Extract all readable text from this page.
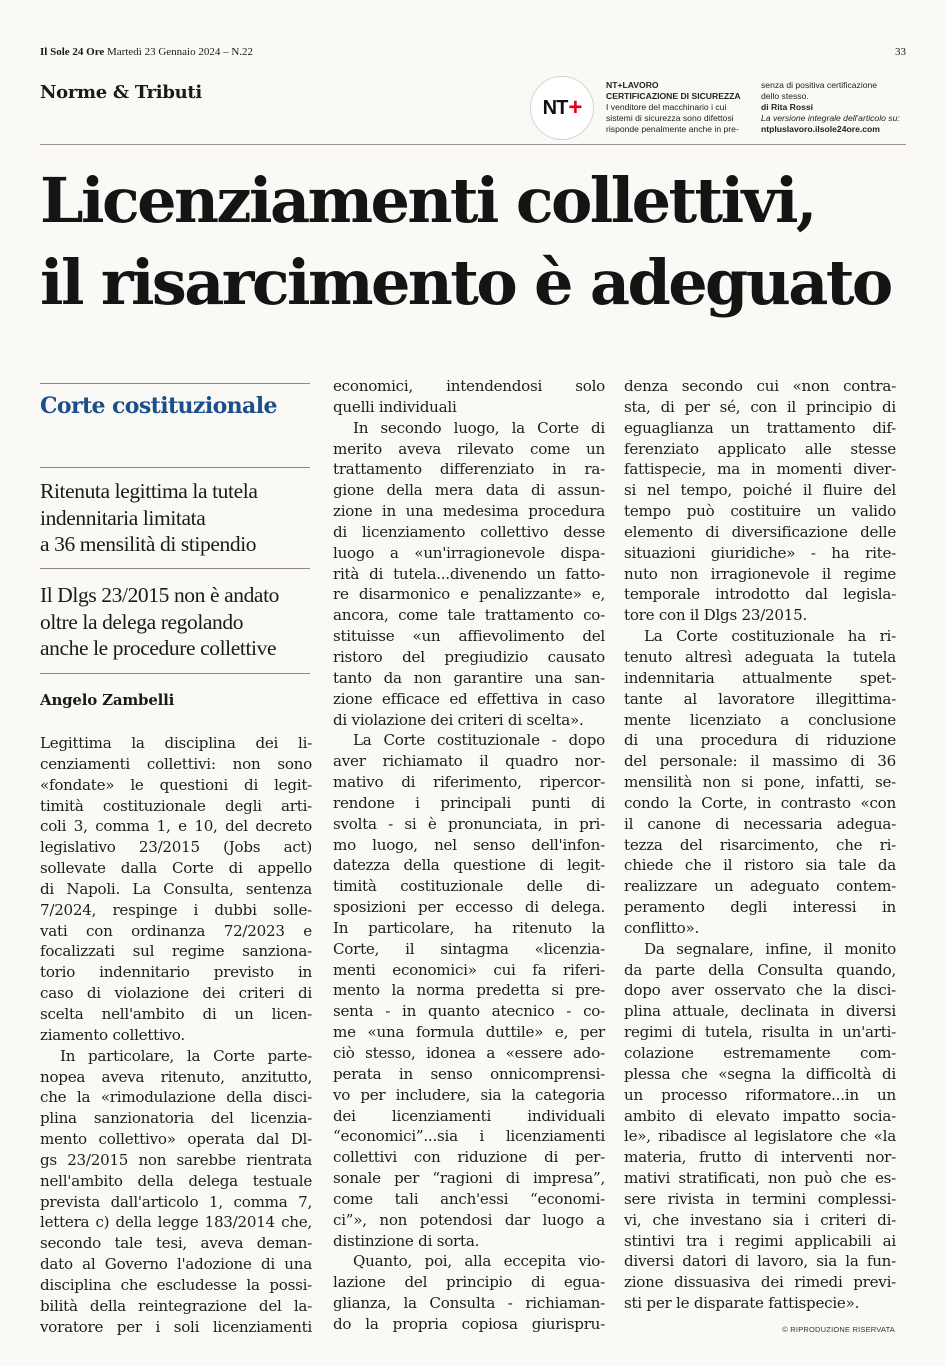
Il Sole 24 Ore Martedì 23 Gennaio 2024 – N.22	33
Norme & Tributi
NT +
NT+LAVORO
CERTIFICAZIONE DI SICUREZZA
I venditore del macchinario i cui
sistemi di sicurezza sono difettosi
risponde penalmente anche in pre-
senza di positiva certificazione
dello stesso.
di Rita Rossi
La versione integrale dell'articolo su:
ntpluslavoro.ilsole24ore.com
Licenziamenti collettivi,
il risarcimento è adeguato
Corte costituzionale
Ritenuta legittima la tutela
indennitaria limitata
a 36 mensilità di stipendio
Il Dlgs 23/2015 non è andato
oltre la delega regolando
anche le procedure collettive
Angelo Zambelli
Legittima la disciplina dei li-
cenziamenti collettivi: non sono
«fondate» le questioni di legit-
timità costituzionale degli arti-
coli 3, comma 1, e 10, del decreto
legislativo 23/2015 (Jobs act)
sollevate dalla Corte di appello
di Napoli. La Consulta, sentenza
7/2024, respinge i dubbi solle-
vati con ordinanza 72/2023 e
focalizzati sul regime sanziona-
torio indennitario previsto in
caso di violazione dei criteri di
scelta nell'ambito di un licen-
ziamento collettivo.
In particolare, la Corte parte-
nopea aveva ritenuto, anzitutto,
che la «rimodulazione della disci-
plina sanzionatoria del licenzia-
mento collettivo» operata dal Dl-
gs 23/2015 non sarebbe rientrata
nell'ambito della delega testuale
prevista dall'articolo 1, comma 7,
lettera c) della legge 183/2014 che,
secondo tale tesi, aveva deman-
dato al Governo l'adozione di una
disciplina che escludesse la possi-
bilità della reintegrazione del la-
voratore per i soli licenziamenti
economici, intendendosi solo
quelli individuali
In secondo luogo, la Corte di
merito aveva rilevato come un
trattamento differenziato in ra-
gione della mera data di assun-
zione in una medesima procedura
di licenziamento collettivo desse
luogo a «un'irragionevole dispa-
rità di tutela...divenendo un fatto-
re disarmonico e penalizzante» e,
ancora, come tale trattamento co-
stituisse «un affievolimento del
ristoro del pregiudizio causato
tanto da non garantire una san-
zione efficace ed effettiva in caso
di violazione dei criteri di scelta».
La Corte costituzionale - dopo
aver richiamato il quadro nor-
mativo di riferimento, ripercor-
rendone i principali punti di
svolta - si è pronunciata, in pri-
mo luogo, nel senso dell'infon-
datezza della questione di legit-
timità costituzionale delle di-
sposizioni per eccesso di delega.
In particolare, ha ritenuto la
Corte, il sintagma «licenzia-
menti economici» cui fa riferi-
mento la norma predetta si pre-
senta - in quanto atecnico - co-
me «una formula duttile» e, per
ciò stesso, idonea a «essere ado-
perata in senso onnicomprensi-
vo per includere, sia la categoria
dei licenziamenti individuali
“economici”...sia i licenziamenti
collettivi con riduzione di per-
sonale per “ragioni di impresa”,
come tali anch'essi “economi-
ci”», non potendosi dar luogo a
distinzione di sorta.
Quanto, poi, alla eccepita vio-
lazione del principio di egua-
glianza, la Consulta - richiaman-
do la propria copiosa giurispru-
denza secondo cui «non contra-
sta, di per sé, con il principio di
eguaglianza un trattamento dif-
ferenziato applicato alle stesse
fattispecie, ma in momenti diver-
si nel tempo, poiché il fluire del
tempo può costituire un valido
elemento di diversificazione delle
situazioni giuridiche» - ha rite-
nuto non irragionevole il regime
temporale introdotto dal legisla-
tore con il Dlgs 23/2015.
La Corte costituzionale ha ri-
tenuto altresì adeguata la tutela
indennitaria attualmente spet-
tante al lavoratore illegittima-
mente licenziato a conclusione
di una procedura di riduzione
del personale: il massimo di 36
mensilità non si pone, infatti, se-
condo la Corte, in contrasto «con
il canone di necessaria adegua-
tezza del risarcimento, che ri-
chiede che il ristoro sia tale da
realizzare un adeguato contem-
peramento degli interessi in
conflitto».
Da segnalare, infine, il monito
da parte della Consulta quando,
dopo aver osservato che la disci-
plina attuale, declinata in diversi
regimi di tutela, risulta in un'arti-
colazione estremamente com-
plessa che «segna la difficoltà di
un processo riformatore...in un
ambito di elevato impatto socia-
le», ribadisce al legislatore che «la
materia, frutto di interventi nor-
mativi stratificati, non può che es-
sere rivista in termini complessi-
vi, che investano sia i criteri di-
stintivi tra i regimi applicabili ai
diversi datori di lavoro, sia la fun-
zione dissuasiva dei rimedi previ-
sti per le disparate fattispecie».
© RIPRODUZIONE RISERVATA
